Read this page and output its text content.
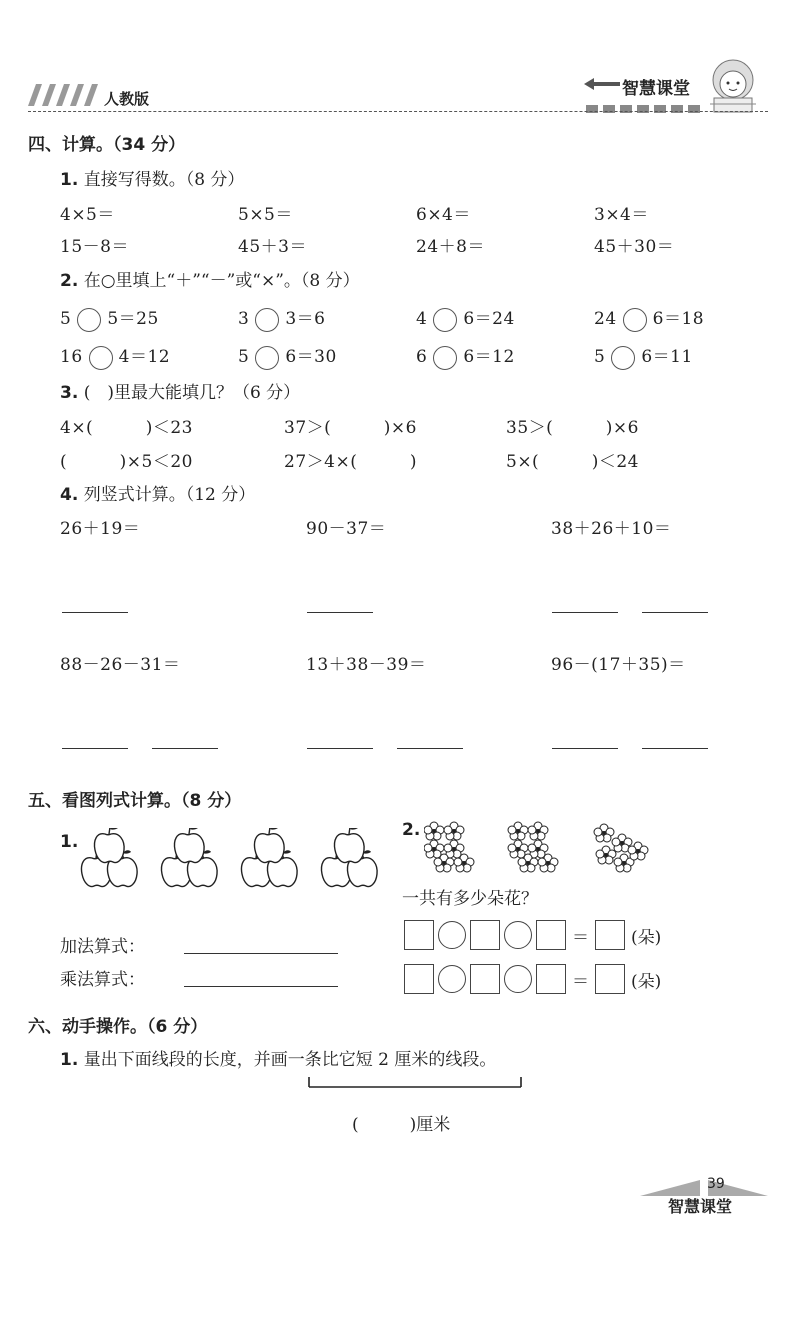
人教版	智慧课堂
四、计算。（34 分）
1. 直接写得数。（8 分）
4×5＝	5×5＝	6×4＝	3×4＝
15－8＝	45＋3＝	24＋8＝	45＋30＝
2. 在○里填上“＋”“－”或“×”。（8 分）
5 5＝25	3 3＝6	4 6＝24	24 6＝18
16 4＝12	5 6＝30	6 6＝12	5 6＝11
3. (　)里最大能填几？（6 分）
4×(　　　)＜23	37＞(　　　)×6	35＞(　　　)×6
(　　　)×5＜20	27＞4×(　　　)	5×(　　　)＜24
4. 列竖式计算。（12 分）
26＋19＝	90－37＝	38＋26＋10＝
88－26－31＝	13＋38－39＝	96－(17＋35)＝
五、看图列式计算。（8 分）
1.
加法算式：
乘法算式：
2.
一共有多少朵花？
＝ (朵)
＝ (朵)
六、动手操作。（6 分）
1. 量出下面线段的长度，并画一条比它短 2 厘米的线段。
(　　　)厘米
39
智慧课堂
